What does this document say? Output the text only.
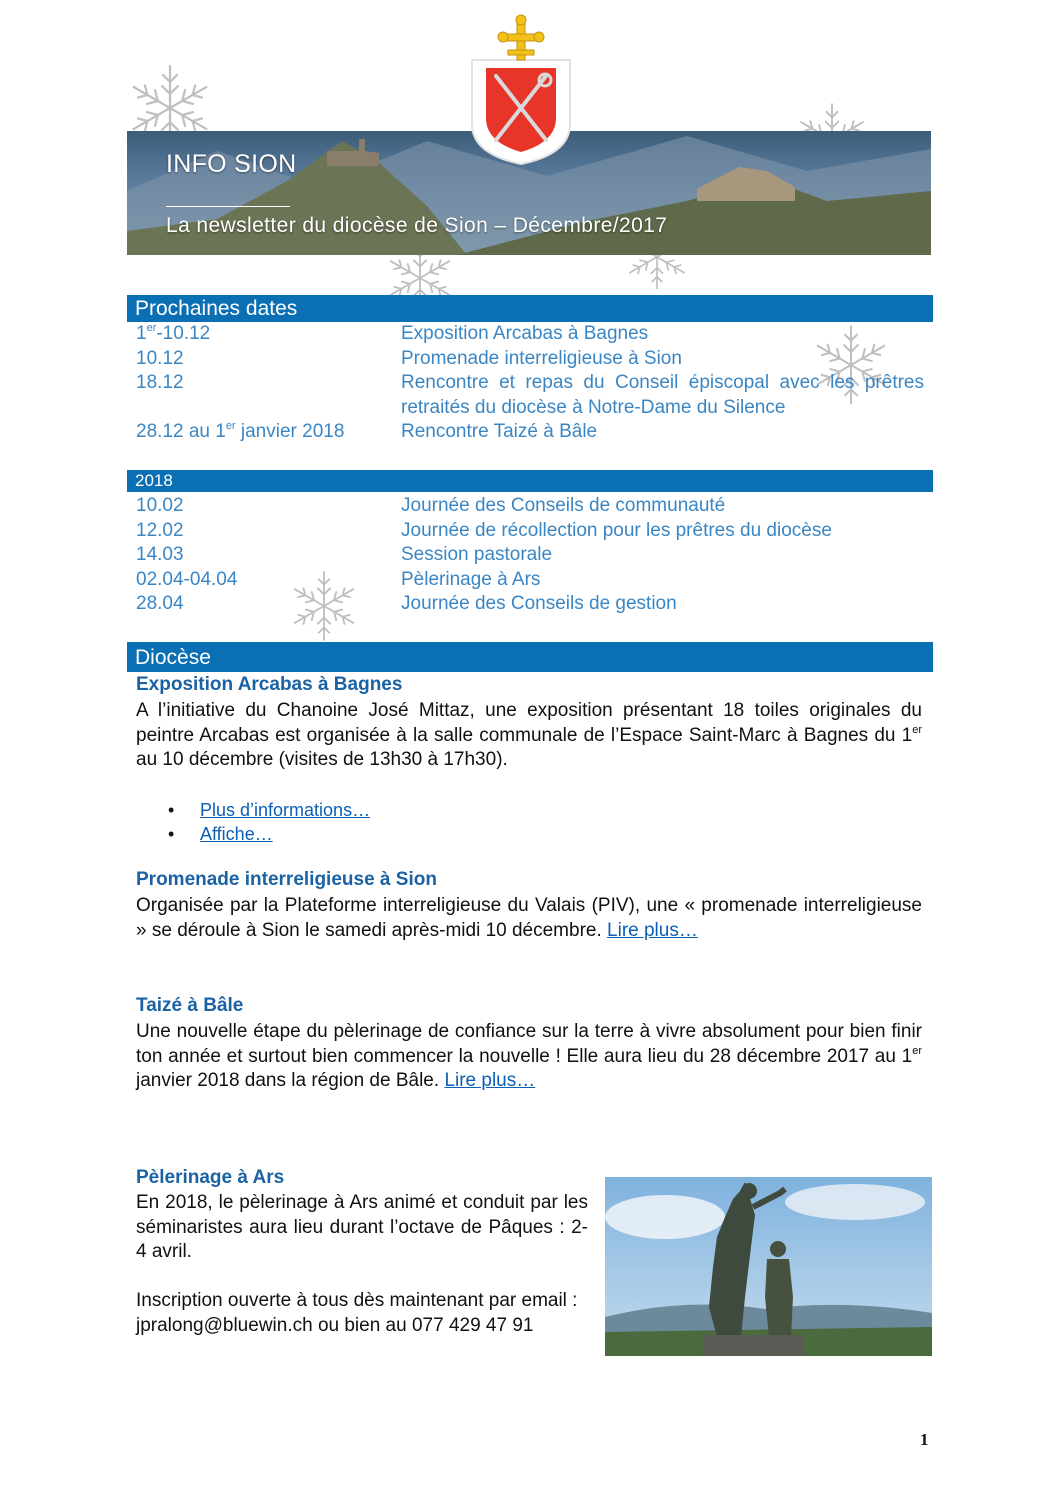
INFO SION
La newsletter du diocèse de Sion – Décembre/2017
Prochaines dates
1er-10.12	Exposition Arcabas à Bagnes
10.12	Promenade interreligieuse à Sion
18.12	Rencontre et repas du Conseil épiscopal avec les prêtres retraités du diocèse à Notre-Dame du Silence
28.12 au 1er janvier 2018	Rencontre Taizé à Bâle
2018
10.02	Journée des Conseils de communauté
12.02	Journée de récollection pour les prêtres du diocèse
14.03	Session pastorale
02.04-04.04	Pèlerinage à Ars
28.04	Journée des Conseils de gestion
Diocèse
Exposition Arcabas à Bagnes
A l’initiative du Chanoine José Mittaz, une exposition présentant 18 toiles originales du peintre Arcabas est organisée à la salle communale de l’Espace Saint-Marc à Bagnes du 1er au 10 décembre (visites de 13h30 à 17h30).
• Plus d’informations…
• Affiche…
Promenade interreligieuse à Sion
Organisée par la Plateforme interreligieuse du Valais (PIV), une « promenade interreligieuse » se déroule à Sion le samedi après-midi 10 décembre. Lire plus…
Taizé à Bâle
Une nouvelle étape du pèlerinage de confiance sur la terre à vivre absolument pour bien finir ton année et surtout bien commencer la nouvelle ! Elle aura lieu du 28 décembre 2017 au 1er janvier 2018 dans la région de Bâle. Lire plus…
Pèlerinage à Ars
En 2018, le pèlerinage à Ars animé et conduit par les séminaristes aura lieu durant l’octave de Pâques : 2-4 avril.
Inscription ouverte à tous dès maintenant par email :
jpralong@bluewin.ch ou bien au 077 429 47 91
1
